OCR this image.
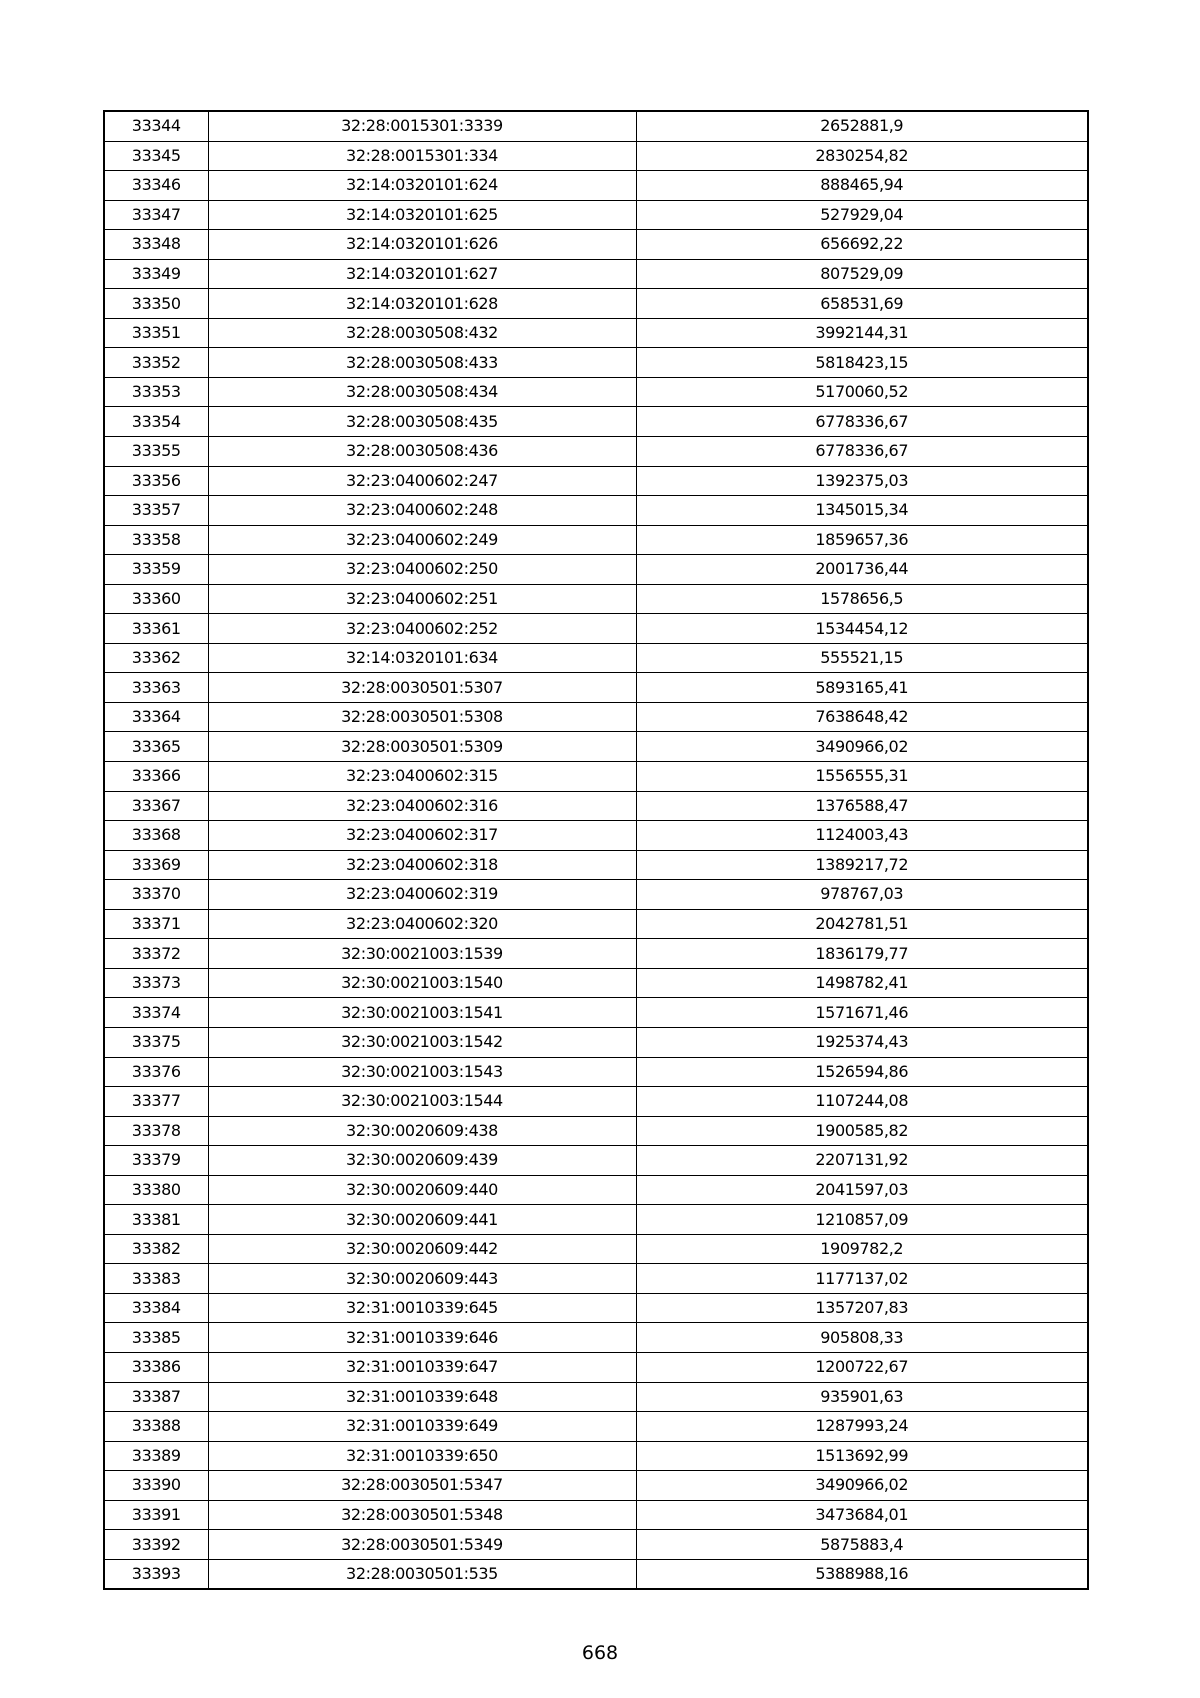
33344	32:28:0015301:3339	2652881,9
33345	32:28:0015301:334	2830254,82
33346	32:14:0320101:624	888465,94
33347	32:14:0320101:625	527929,04
33348	32:14:0320101:626	656692,22
33349	32:14:0320101:627	807529,09
33350	32:14:0320101:628	658531,69
33351	32:28:0030508:432	3992144,31
33352	32:28:0030508:433	5818423,15
33353	32:28:0030508:434	5170060,52
33354	32:28:0030508:435	6778336,67
33355	32:28:0030508:436	6778336,67
33356	32:23:0400602:247	1392375,03
33357	32:23:0400602:248	1345015,34
33358	32:23:0400602:249	1859657,36
33359	32:23:0400602:250	2001736,44
33360	32:23:0400602:251	1578656,5
33361	32:23:0400602:252	1534454,12
33362	32:14:0320101:634	555521,15
33363	32:28:0030501:5307	5893165,41
33364	32:28:0030501:5308	7638648,42
33365	32:28:0030501:5309	3490966,02
33366	32:23:0400602:315	1556555,31
33367	32:23:0400602:316	1376588,47
33368	32:23:0400602:317	1124003,43
33369	32:23:0400602:318	1389217,72
33370	32:23:0400602:319	978767,03
33371	32:23:0400602:320	2042781,51
33372	32:30:0021003:1539	1836179,77
33373	32:30:0021003:1540	1498782,41
33374	32:30:0021003:1541	1571671,46
33375	32:30:0021003:1542	1925374,43
33376	32:30:0021003:1543	1526594,86
33377	32:30:0021003:1544	1107244,08
33378	32:30:0020609:438	1900585,82
33379	32:30:0020609:439	2207131,92
33380	32:30:0020609:440	2041597,03
33381	32:30:0020609:441	1210857,09
33382	32:30:0020609:442	1909782,2
33383	32:30:0020609:443	1177137,02
33384	32:31:0010339:645	1357207,83
33385	32:31:0010339:646	905808,33
33386	32:31:0010339:647	1200722,67
33387	32:31:0010339:648	935901,63
33388	32:31:0010339:649	1287993,24
33389	32:31:0010339:650	1513692,99
33390	32:28:0030501:5347	3490966,02
33391	32:28:0030501:5348	3473684,01
33392	32:28:0030501:5349	5875883,4
33393	32:28:0030501:535	5388988,16
668
